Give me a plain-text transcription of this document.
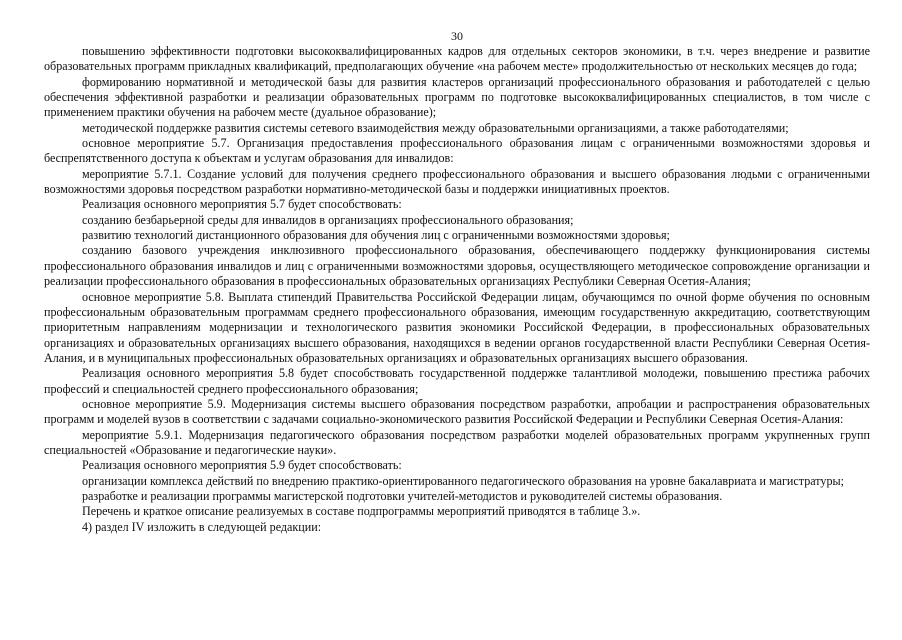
30

повышению эффективности подготовки высококвалифицированных кадров для отдельных секторов экономики, в т.ч. через внедрение и развитие образовательных программ прикладных квалификаций, предполагающих обучение «на рабочем месте» продолжительностью от нескольких месяцев до года;

формированию нормативной и методической базы для развития кластеров организаций профессионального образования и работодателей с целью обеспечения эффективной разработки и реализации образовательных программ по подготовке высококвалифицированных специалистов, в том числе с применением практики обучения на рабочем месте (дуальное образование);

методической поддержке развития системы сетевого взаимодействия между образовательными организациями, а также работодателями;

основное мероприятие 5.7. Организация предоставления профессионального образования лицам с ограниченными возможностями здоровья и беспрепятственного доступа к объектам и услугам образования для инвалидов:

мероприятие 5.7.1. Создание условий для получения среднего профессионального образования и высшего образования людьми с ограниченными возможностями здоровья посредством разработки нормативно-методической базы и поддержки инициативных проектов.

Реализация основного мероприятия 5.7 будет способствовать:

созданию безбарьерной среды для инвалидов в организациях профессионального образования;

развитию технологий дистанционного образования для обучения лиц с ограниченными возможностями здоровья;

созданию базового учреждения инклюзивного профессионального образования, обеспечивающего поддержку функционирования системы профессионального образования инвалидов и лиц с ограниченными возможностями здоровья, осуществляющего методическое сопровождение организации и реализации профессионального образования в профессиональных образовательных организациях Республики Северная Осетия-Алания;

основное мероприятие 5.8. Выплата стипендий Правительства Российской Федерации лицам, обучающимся по очной форме обучения по основным профессиональным образовательным программам среднего профессионального образования, имеющим государственную аккредитацию, соответствующим приоритетным направлениям модернизации и технологического развития экономики Российской Федерации, в профессиональных образовательных организациях и образовательных организациях высшего образования, находящихся в ведении органов государственной власти Республики Северная Осетия-Алания, и в муниципальных профессиональных образовательных организациях и образовательных организациях высшего образования.

Реализация основного мероприятия 5.8 будет способствовать государственной поддержке талантливой молодежи, повышению престижа рабочих профессий и специальностей среднего профессионального образования;

основное мероприятие 5.9. Модернизация системы высшего образования посредством разработки, апробации и распространения образовательных программ и моделей вузов в соответствии с задачами социально-экономического развития Российской Федерации и Республики Северная Осетия-Алания:

мероприятие 5.9.1. Модернизация педагогического образования посредством разработки моделей образовательных программ укрупненных групп специальностей «Образование и педагогические науки».

Реализация основного мероприятия 5.9 будет способствовать:

организации комплекса действий по внедрению практико-ориентированного педагогического образования на уровне бакалавриата и магистратуры;

разработке и реализации программы магистерской подготовки учителей-методистов и руководителей системы образования.

Перечень и краткое описание реализуемых в составе подпрограммы мероприятий приводятся в таблице 3.».

4) раздел IV изложить в следующей редакции:
